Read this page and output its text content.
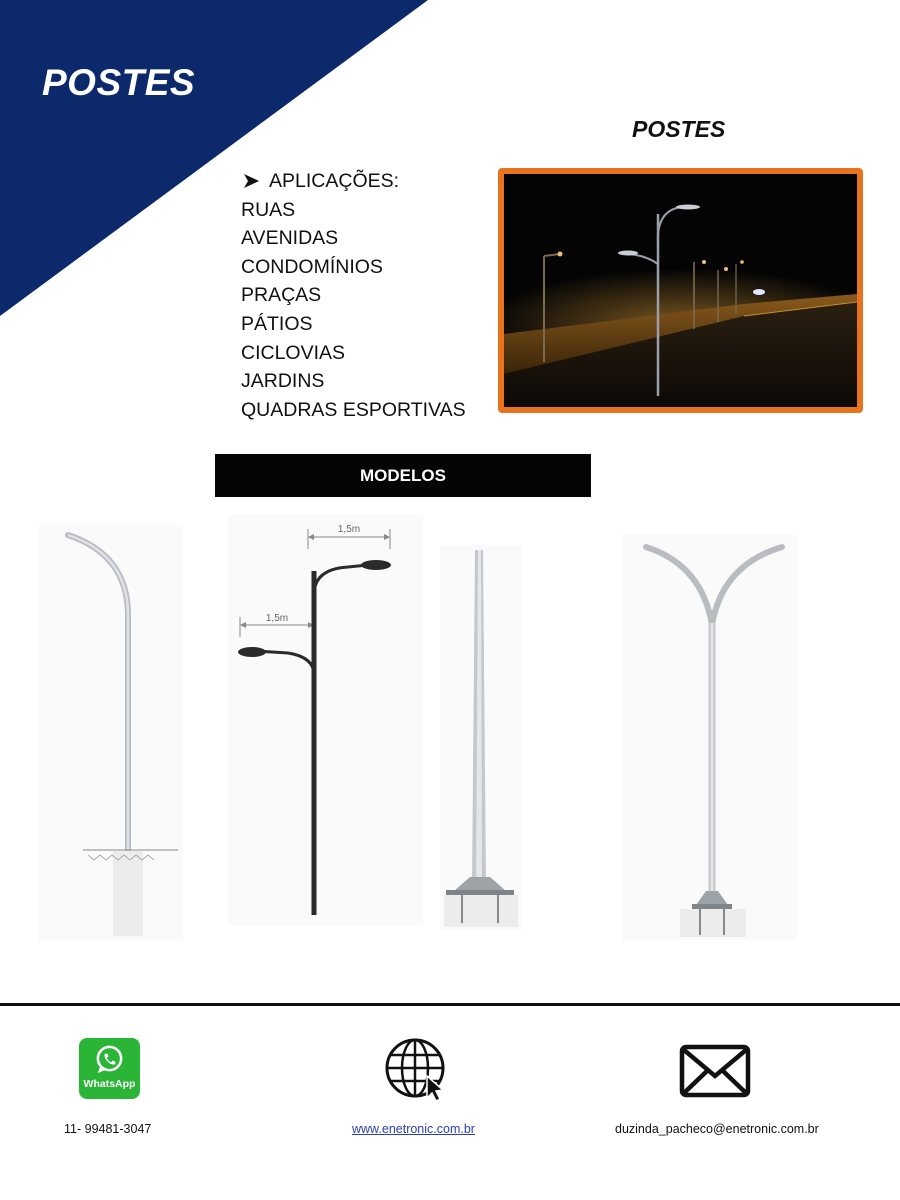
POSTES
POSTES
APLICAÇÕES:
RUAS
AVENIDAS
CONDOMÍNIOS
PRAÇAS
PÁTIOS
CICLOVIAS
JARDINS
QUADRAS ESPORTIVAS
MODELOS
1,5m
1,5m
WhatsApp
11- 99481-3047	www.enetronic.com.br	duzinda_pacheco@enetronic.com.br
